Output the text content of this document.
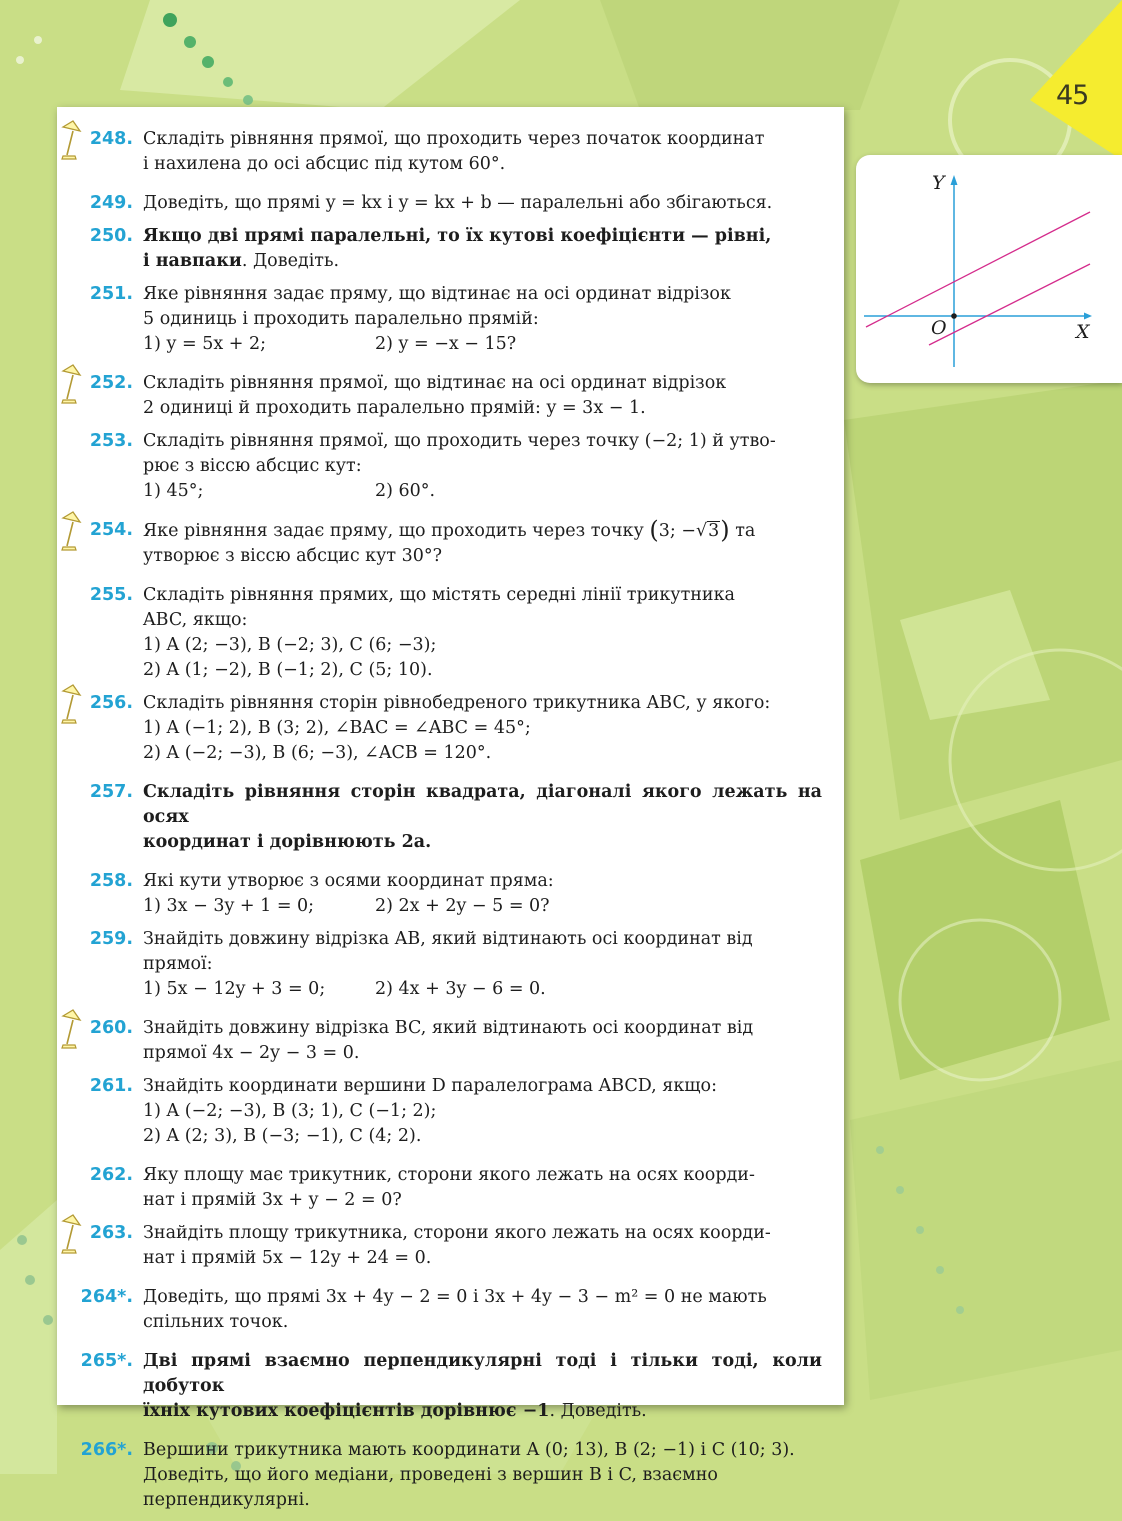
45
Y
X
O
248. Складіть рівняння прямої, що проходить через початок координат
і нахилена до осі абсцис під кутом 60°.
249. Доведіть, що прямі y = kx і y = kx + b — паралельні або збігаються.
250. Якщо дві прямі паралельні, то їх кутові коефіцієнти — рівні,
і навпаки. Доведіть.
251. Яке рівняння задає пряму, що відтинає на осі ординат відрізок
5 одиниць і проходить паралельно прямій:
1) y = 5x + 2;	2) y = −x − 15?
252. Складіть рівняння прямої, що відтинає на осі ординат відрізок
2 одиниці й проходить паралельно прямій: y = 3x − 1.
253. Складіть рівняння прямої, що проходить через точку (−2; 1) й утво-
рює з віссю абсцис кут:
1) 45°;	2) 60°.
254. Яке рівняння задає пряму, що проходить через точку (3; −√3) та
утворює з віссю абсцис кут 30°?
255. Складіть рівняння прямих, що містять середні лінії трикутника
ABC, якщо:
1) A (2; −3), B (−2; 3), C (6; −3);
2) A (1; −2), B (−1; 2), C (5; 10).
256. Складіть рівняння сторін рівнобедреного трикутника ABC, у якого:
1) A (−1; 2), B (3; 2), ∠BAC = ∠ABC = 45°;
2) A (−2; −3), B (6; −3), ∠ACB = 120°.
257. Складіть рівняння сторін квадрата, діагоналі якого лежать на осях
координат і дорівнюють 2a.
258. Які кути утворює з осями координат пряма:
1) 3x − 3y + 1 = 0;	2) 2x + 2y − 5 = 0?
259. Знайдіть довжину відрізка AB, який відтинають осі координат від
прямої:
1) 5x − 12y + 3 = 0;	2) 4x + 3y − 6 = 0.
260. Знайдіть довжину відрізка BC, який відтинають осі координат від
прямої 4x − 2y − 3 = 0.
261. Знайдіть координати вершини D паралелограма ABCD, якщо:
1) A (−2; −3), B (3; 1), C (−1; 2);
2) A (2; 3), B (−3; −1), C (4; 2).
262. Яку площу має трикутник, сторони якого лежать на осях коорди-
нат і прямій 3x + y − 2 = 0?
263. Знайдіть площу трикутника, сторони якого лежать на осях коорди-
нат і прямій 5x − 12y + 24 = 0.
264*. Доведіть, що прямі 3x + 4y − 2 = 0 і 3x + 4y − 3 − m² = 0 не мають
спільних точок.
265*. Дві прямі взаємно перпендикулярні тоді і тільки тоді, коли добуток
їхніх кутових коефіцієнтів дорівнює −1. Доведіть.
266*. Вершини трикутника мають координати A (0; 13), B (2; −1) і C (10; 3).
Доведіть, що його медіани, проведені з вершин B і C, взаємно
перпендикулярні.
